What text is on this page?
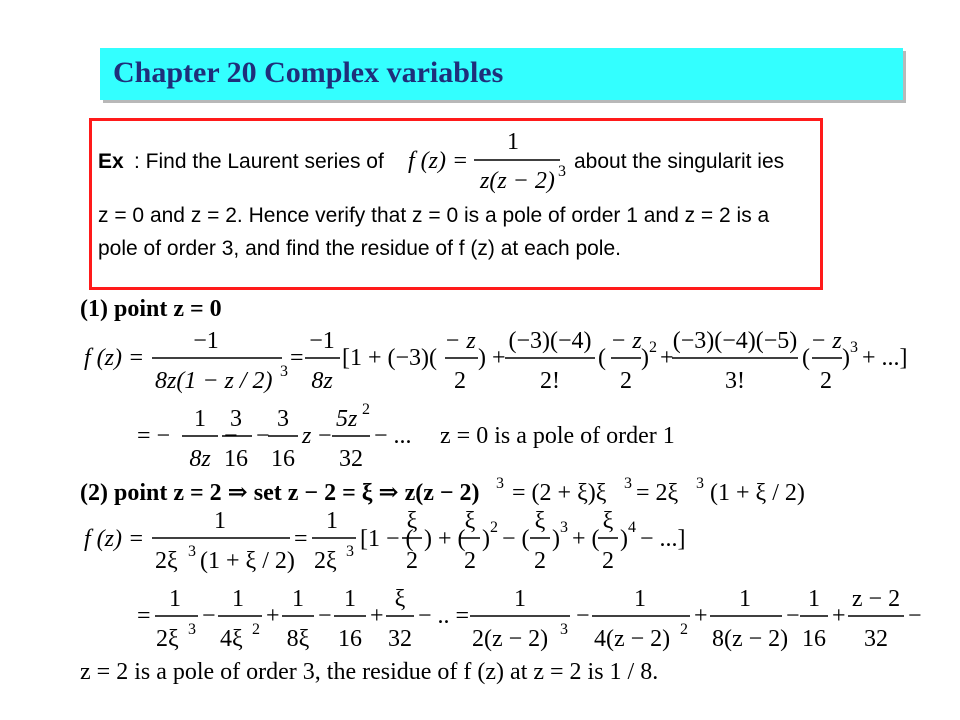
Chapter 20 Complex variables
Ex : Find the Laurent series of f (z) =
1
z(z − 2) 3 about the singularit ies
z = 0 and z = 2. Hence verify that z = 0 is a pole of order 1 and z = 2 is a
pole of order 3, and find the residue of f (z) at each pole.
(1) point z = 0
f (z) =
−1
8z(1 − z / 2) 3
=
−1
8z
[1 + (−3)(
− z
2
) +
(−3)(−4)
2!
(
− z
2
) 2 +
(−3)(−4)(−5)
3!
(
− z
2
) 3 + ...]
= −
1
8z
−
3
16
−
3
16
z −
5z 2
32
− ... z = 0 is a pole of order 1
(2) point z = 2 ⇒ set z − 2 = ξ ⇒ z(z − 2) 3 = (2 + ξ)ξ 3 = 2ξ 3 (1 + ξ / 2)
f (z) =
1
2ξ 3 (1 + ξ / 2)
=
1
2ξ 3 [1 − (
ξ
2
) + (
ξ
2
) 2 − (
ξ
2
) 3 + (
ξ
2
) 4 − ...]
=
1
2ξ 3
−
1
4ξ 2
+
1
8ξ
−
1
16
+
ξ
32
− .. =
1
2(z − 2) 3
−
1
4(z − 2) 2
+
1
8(z − 2)
−
1
16
+
z − 2
32
−
z = 2 is a pole of order 3, the residue of f (z) at z = 2 is 1 / 8.
